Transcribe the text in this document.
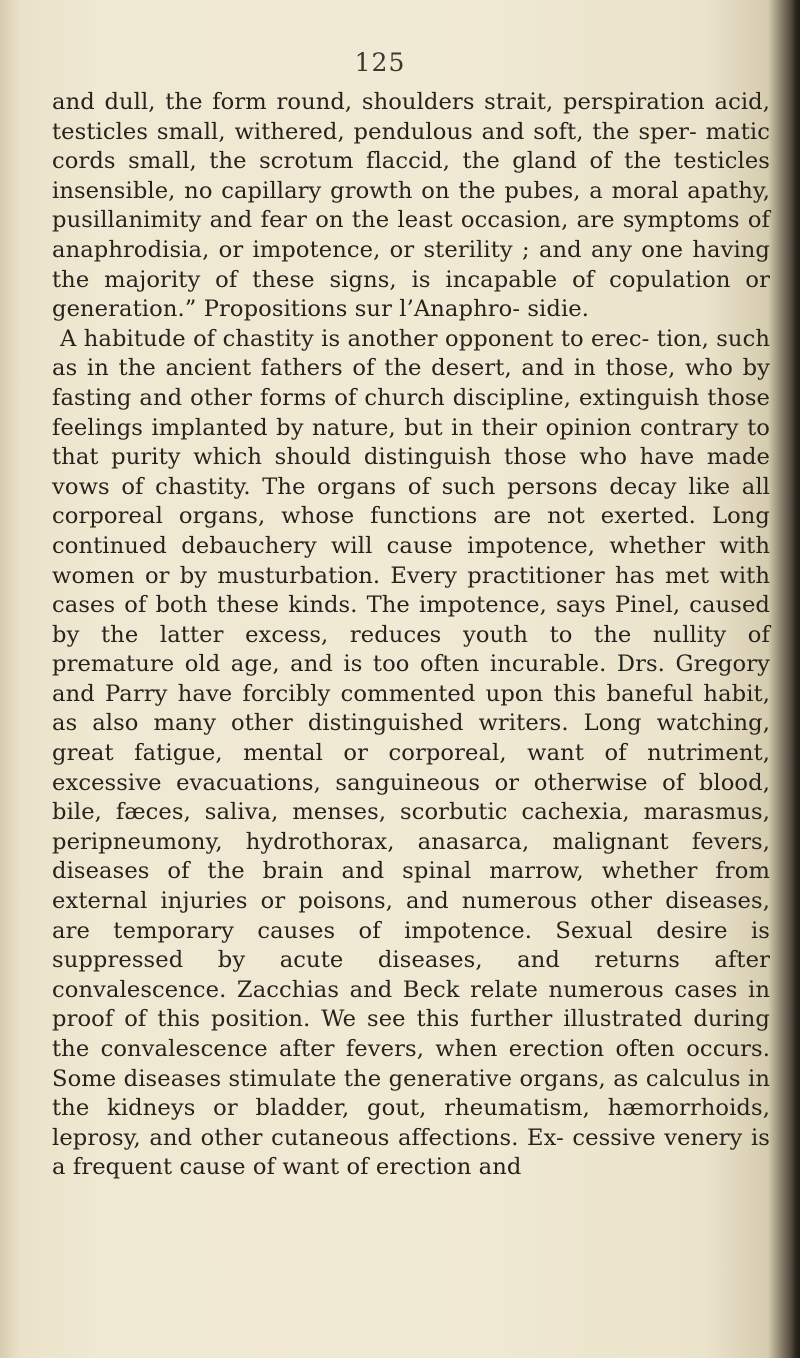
125

and dull, the form round, shoulders strait, perspiration acid, testicles small, withered, pendulous and soft, the sper- matic cords small, the scrotum flaccid, the gland of the testicles insensible, no capillary growth on the pubes, a moral apathy, pusillanimity and fear on the least occasion, are symptoms of anaphrodisia, or impotence, or sterility ; and any one having the majority of these signs, is incapable of copulation or generation.” Propositions sur l’Anaphro- sidie.

A habitude of chastity is another opponent to erec- tion, such as in the ancient fathers of the desert, and in those, who by fasting and other forms of church discipline, extinguish those feelings implanted by nature, but in their opinion contrary to that purity which should distinguish those who have made vows of chastity. The organs of such persons decay like all corporeal organs, whose functions are not exerted. Long continued debauchery will cause impotence, whether with women or by musturbation. Every practitioner has met with cases of both these kinds. The impotence, says Pinel, caused by the latter excess, reduces youth to the nullity of premature old age, and is too often incurable. Drs. Gregory and Parry have forcibly commented upon this baneful habit, as also many other distinguished writers. Long watching, great fatigue, mental or corporeal, want of nutriment, excessive evacuations, sanguineous or otherwise of blood, bile, fæces, saliva, menses, scorbutic cachexia, marasmus, peripneumony, hydrothorax, anasarca, malignant fevers, diseases of the brain and spinal marrow, whether from external injuries or poisons, and numerous other diseases, are temporary causes of impotence. Sexual desire is suppressed by acute diseases, and returns after convalescence. Zacchias and Beck relate numerous cases in proof of this position. We see this further illustrated during the convalescence after fevers, when erection often occurs. Some diseases stimulate the generative organs, as calculus in the kidneys or bladder, gout, rheumatism, hæmorrhoids, leprosy, and other cutaneous affections. Ex- cessive venery is a frequent cause of want of erection and
